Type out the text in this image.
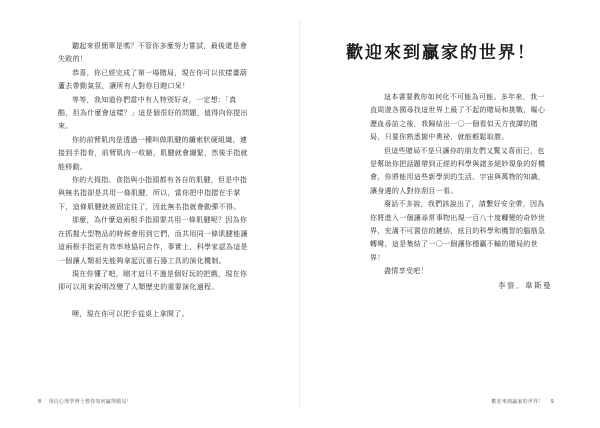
聽起來很簡單是嗎？不管你多麼努力嘗試，最後還是會失敗的！

恭喜，你已經完成了第一場賭局，現在你可以依樣畫葫蘆去帶動氣氛，讓所有人對你目瞪口呆！

等等，我知道你們當中有人特別好奇，一定想：「真酷，但為什麼會這樣？」這是個很好的問題，值得向你提出來。

你的前臂肌肉是透過一種叫做肌腱的纖索狀硬組織，連接到手指骨，前臂肌肉一收縮，肌腱就會繃緊，然後手指就能移動。

你的大拇指、食指與小指頭都有各自的肌腱，但是中指與無名指卻是共用一條肌腱，所以，當你把中指摺在手掌下，這條肌腱就被固定住了，因此無名指就會動彈不得。

那麼，為什麼這兩根手指頭要共用一條肌腱呢？因為你在抓握大型物品的時候會用到它們，而共用同一條肌腱能讓這兩根手指更有效率地協同合作，事實上，科學家認為這是一個讓人類祖先能夠拿起沉重石器工具的演化機制。

現在你懂了吧，剛才這只不過是個好玩的把戲，現在你卻可以用來說明改變了人類歷史的重要演化過程。

噢，現在你可以把手從桌上拿開了。

8 用信心理學博士教你如何贏得賭局！
歡迎來到贏家的世界！

這本書要教你如何化不可能為可能。多年來，我一直周遊各國尋找這世界上最了不起的賭局和挑戰，嘔心瀝血尋訪之後，我歸結出一〇一個看似天方夜譚的賭局，只要你熟悉箇中奧祕，就能輕鬆取勝。

但這些賭局不是只讓你的朋友們又驚又喜而已，也是幫助你把話題帶到正經的科學與諸多絕妙現象的好機會，你將能用這些新學到的生活、宇宙與萬物的知識，讓身邊的人對你刮目一看。

廢話不多說，我們該說出了，請繫好安全帶，因為你將進入一個讓尋常事物出現一百八十度轉變的奇妙世界，充滿不可置信的鏈結，炫目的科學和機智的腦筋急轉彎，這是集結了一〇一個讓你穩贏不輸的賭局的世界！

盡情享受吧！

李察．韋斯曼
歡迎來到贏家的世界！ 9
